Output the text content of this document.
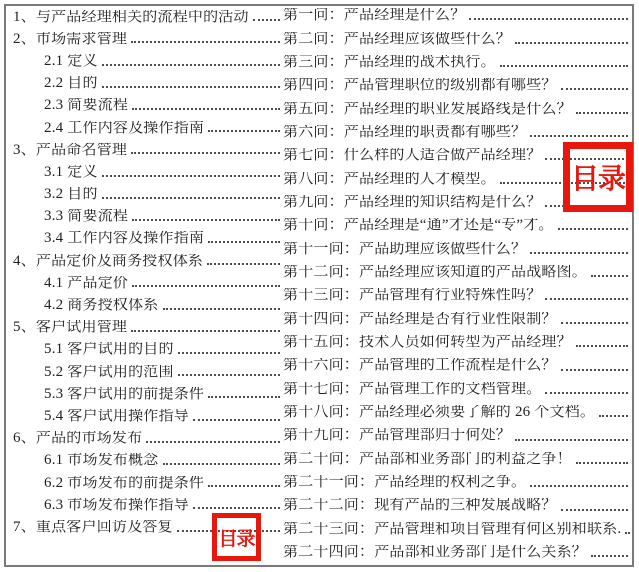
1、与产品经理相关的流程中的活动
2、市场需求管理
2.1 定义
2.2 目的
2.3 简要流程
2.4 工作内容及操作指南
3、产品命名管理
3.1 定义
3.2 目的
3.3 简要流程
3.4 工作内容及操作指南
4、产品定价及商务授权体系
4.1 产品定价
4.2 商务授权体系
5、客户试用管理
5.1 客户试用的目的
5.2 客户试用的范围
5.3 客户试用的前提条件
5.4 客户试用操作指导
6、产品的市场发布
6.1 市场发布概念
6.2 市场发布的前提条件
6.3 市场发布操作指导
7、重点客户回访及答复
第一问：产品经理是什么？
第二问：产品经理应该做些什么？
第三问：产品经理的战术执行。
第四问：产品管理职位的级别都有哪些？
第五问：产品经理的职业发展路线是什么？
第六问：产品经理的职责都有哪些？
第七问：什么样的人适合做产品经理？
第八问：产品经理的人才模型。
第九问：产品经理的知识结构是什么？
第十问：产品经理是“通”才还是“专”才。
第十一问：产品助理应该做些什么？
第十二问：产品经理应该知道的产品战略图。
第十三问：产品管理有行业特殊性吗？
第十四问：产品经理是否有行业性限制？
第十五问：技术人员如何转型为产品经理？
第十六问：产品管理的工作流程是什么？
第十七问：产品管理工作的文档管理。
第十八问：产品经理必须要了解的 26 个文档。
第十九问：产品管理部归于何处？
第二十问：产品部和业务部门的利益之争！
第二十一问：产品经理的权利之争。
第二十二问：现有产品的三种发展战略？
第二十三问：产品管理和项目管理有何区别和联系.
第二十四问：产品部和业务部门是什么关系？
目录
目录
